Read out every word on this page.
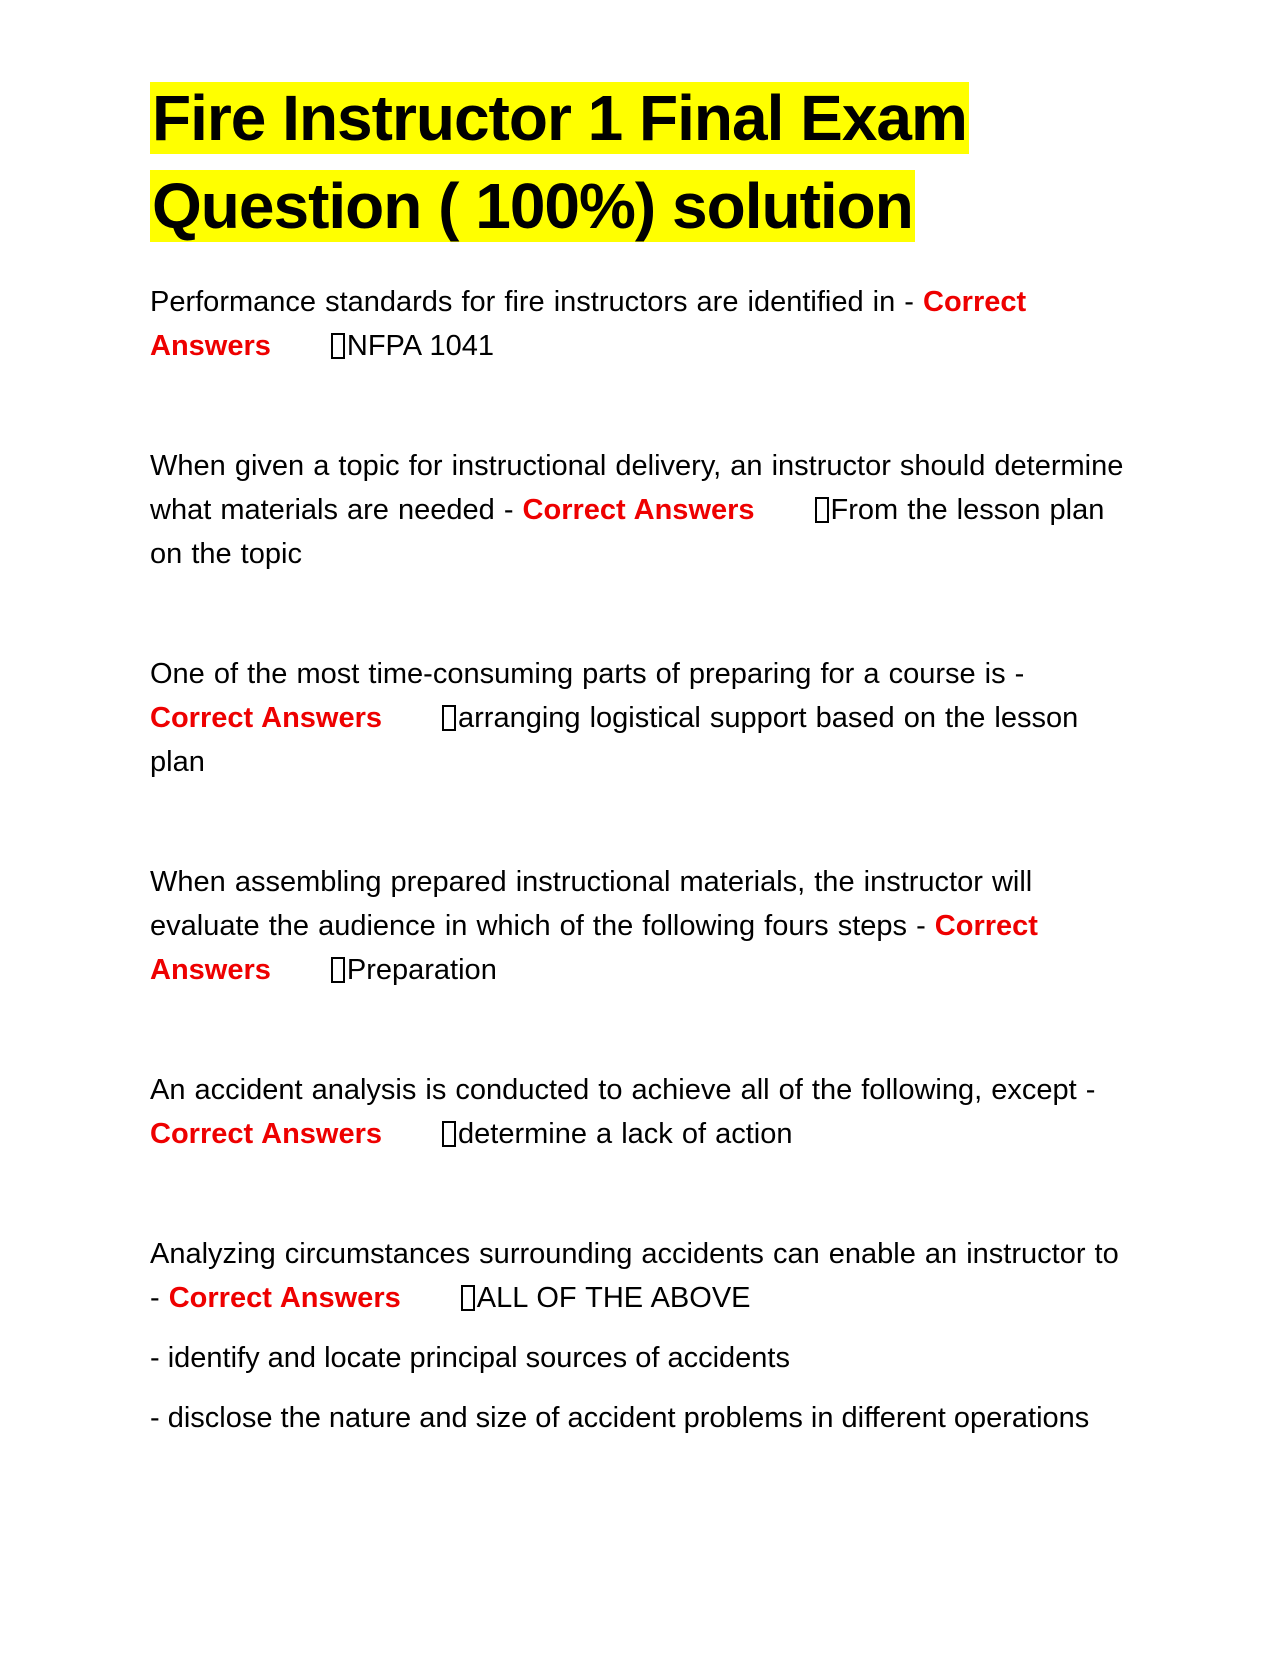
Fire Instructor 1 Final Exam
Question ( 100%) solution

Performance standards for fire instructors are identified in - Correct Answers	NFPA 1041

When given a topic for instructional delivery, an instructor should determine what materials are needed - Correct Answers	From the lesson plan on the topic

One of the most time-consuming parts of preparing for a course is - Correct Answers	arranging logistical support based on the lesson plan

When assembling prepared instructional materials, the instructor will evaluate the audience in which of the following fours steps - Correct Answers	Preparation

An accident analysis is conducted to achieve all of the following, except - Correct Answers	determine a lack of action

Analyzing circumstances surrounding accidents can enable an instructor to - Correct Answers	ALL OF THE ABOVE

- identify and locate principal sources of accidents

- disclose the nature and size of accident problems in different operations
